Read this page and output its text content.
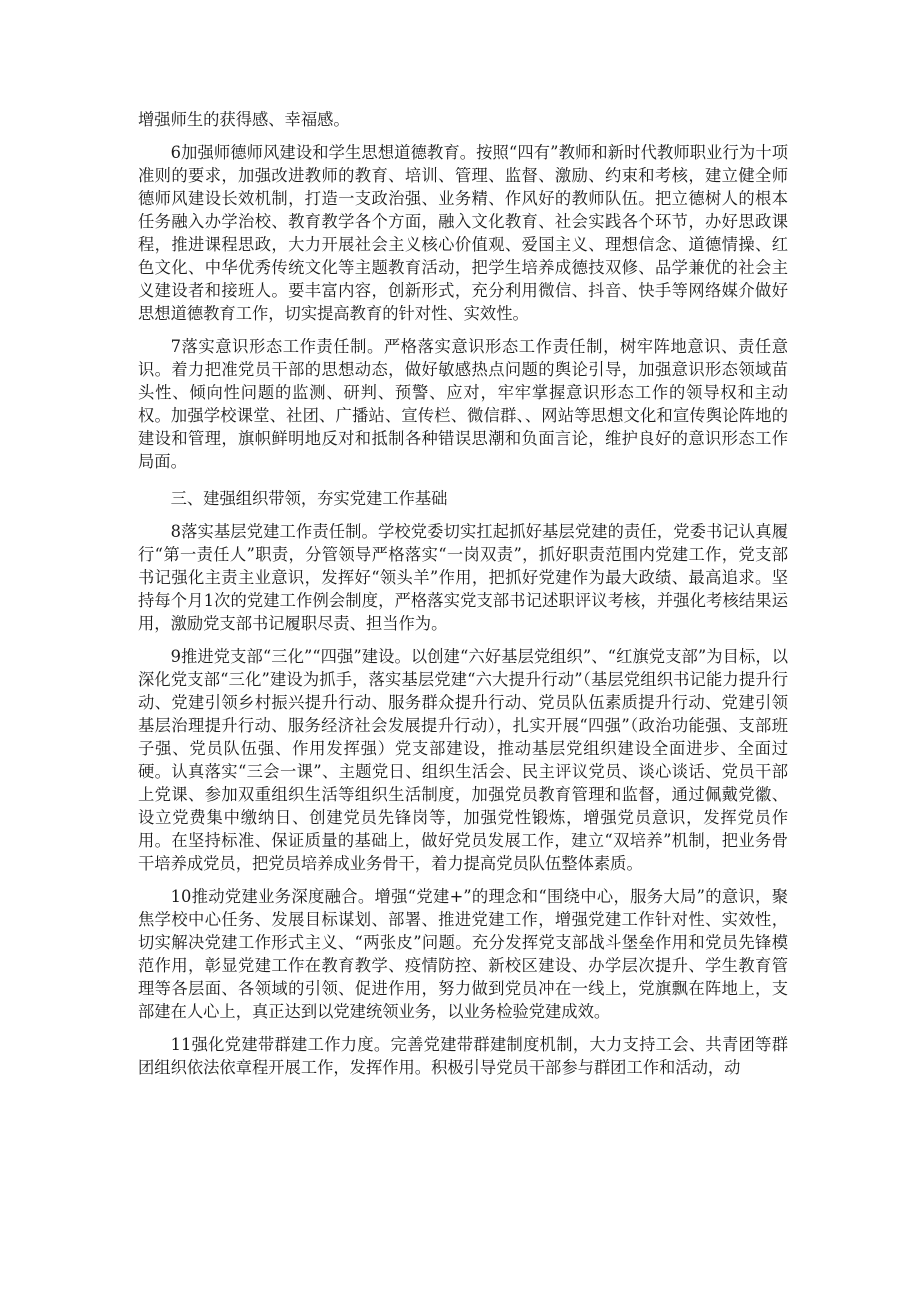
增强师生的获得感、幸福感。

6加强师德师风建设和学生思想道德教育。按照“四有”教师和新时代教师职业行为十项准则的要求，加强改进教师的教育、培训、管理、监督、激励、约束和考核，建立健全师德师风建设长效机制，打造一支政治强、业务精、作风好的教师队伍。把立德树人的根本任务融入办学治校、教育教学各个方面，融入文化教育、社会实践各个环节，办好思政课程，推进课程思政，大力开展社会主义核心价值观、爱国主义、理想信念、道德情操、红色文化、中华优秀传统文化等主题教育活动，把学生培养成德技双修、品学兼优的社会主义建设者和接班人。要丰富内容，创新形式，充分利用微信、抖音、快手等网络媒介做好思想道德教育工作，切实提高教育的针对性、实效性。

7落实意识形态工作责任制。严格落实意识形态工作责任制，树牢阵地意识、责任意识。着力把准党员干部的思想动态，做好敏感热点问题的舆论引导，加强意识形态领域苗头性、倾向性问题的监测、研判、预警、应对，牢牢掌握意识形态工作的领导权和主动权。加强学校课堂、社团、广播站、宣传栏、微信群、、网站等思想文化和宣传舆论阵地的建设和管理，旗帜鲜明地反对和抵制各种错误思潮和负面言论，维护良好的意识形态工作局面。

三、建强组织带领，夯实党建工作基础

8落实基层党建工作责任制。学校党委切实扛起抓好基层党建的责任，党委书记认真履行“第一责任人”职责，分管领导严格落实“一岗双责”，抓好职责范围内党建工作，党支部书记强化主责主业意识，发挥好“领头羊”作用，把抓好党建作为最大政绩、最高追求。坚持每个月1次的党建工作例会制度，严格落实党支部书记述职评议考核，并强化考核结果运用，激励党支部书记履职尽责、担当作为。

9推进党支部“三化”“四强”建设。以创建“六好基层党组织”、“红旗党支部”为目标，以深化党支部“三化”建设为抓手，落实基层党建“六大提升行动”（基层党组织书记能力提升行动、党建引领乡村振兴提升行动、服务群众提升行动、党员队伍素质提升行动、党建引领基层治理提升行动、服务经济社会发展提升行动），扎实开展“四强”（政治功能强、支部班子强、党员队伍强、作用发挥强）党支部建设，推动基层党组织建设全面进步、全面过硬。认真落实“三会一课”、主题党日、组织生活会、民主评议党员、谈心谈话、党员干部上党课、参加双重组织生活等组织生活制度，加强党员教育管理和监督，通过佩戴党徽、设立党费集中缴纳日、创建党员先锋岗等，加强党性锻炼，增强党员意识，发挥党员作用。在坚持标准、保证质量的基础上，做好党员发展工作，建立“双培养”机制，把业务骨干培养成党员，把党员培养成业务骨干，着力提高党员队伍整体素质。

10推动党建业务深度融合。增强“党建+”的理念和“围绕中心，服务大局”的意识，聚焦学校中心任务、发展目标谋划、部署、推进党建工作，增强党建工作针对性、实效性，切实解决党建工作形式主义、“两张皮”问题。充分发挥党支部战斗堡垒作用和党员先锋模范作用，彰显党建工作在教育教学、疫情防控、新校区建设、办学层次提升、学生教育管理等各层面、各领域的引领、促进作用，努力做到党员冲在一线上，党旗飘在阵地上，支部建在人心上，真正达到以党建统领业务，以业务检验党建成效。

11强化党建带群建工作力度。完善党建带群建制度机制，大力支持工会、共青团等群团组织依法依章程开展工作，发挥作用。积极引导党员干部参与群团工作和活动，动
